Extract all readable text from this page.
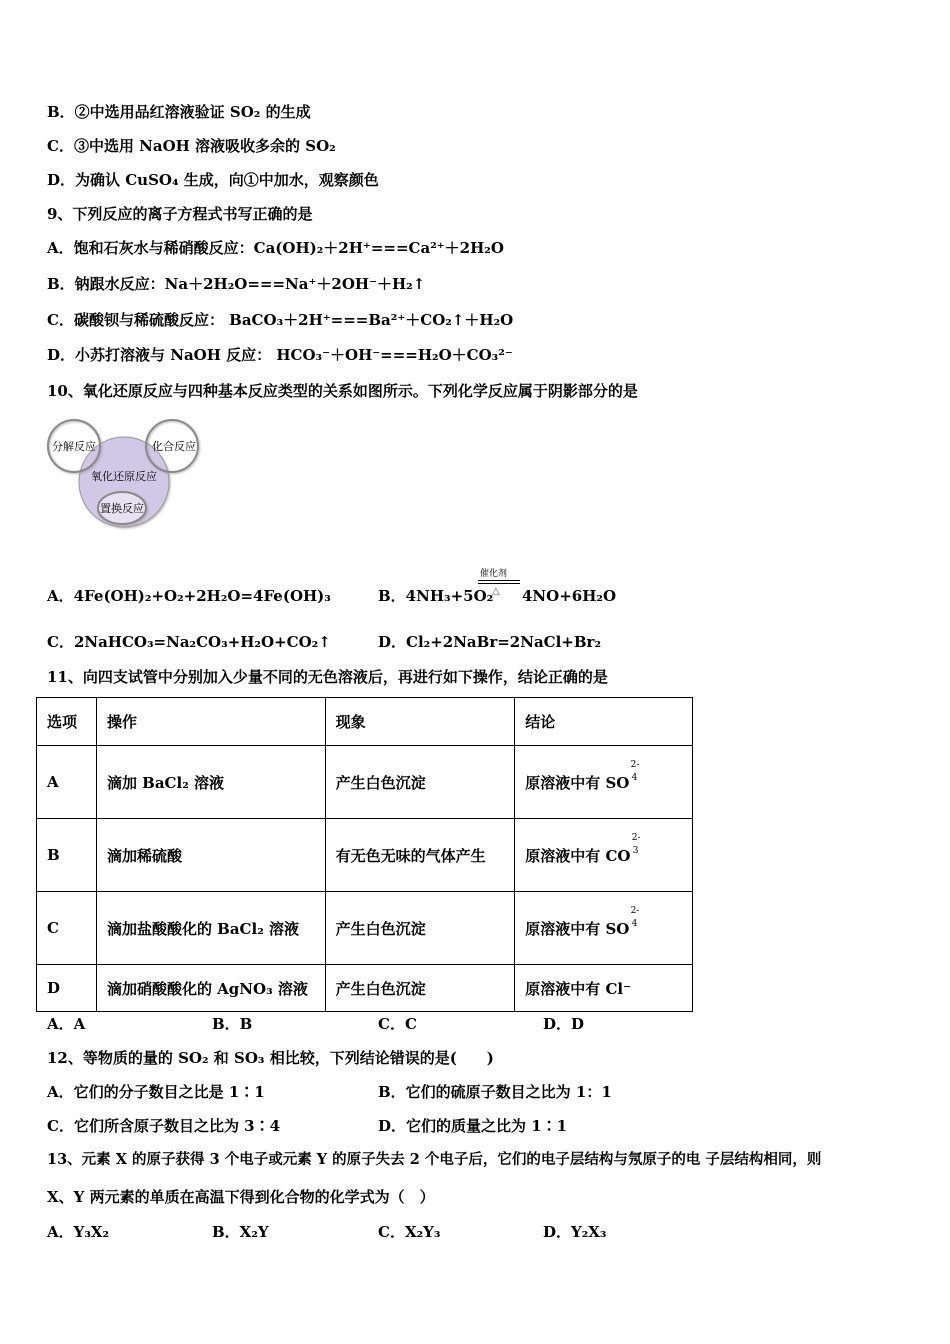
B．②中选用品红溶液验证 SO₂ 的生成
C．③中选用 NaOH 溶液吸收多余的 SO₂
D．为确认 CuSO₄ 生成，向①中加水，观察颜色
9、下列反应的离子方程式书写正确的是
A．饱和石灰水与稀硝酸反应：Ca(OH)₂＋2H⁺===Ca²⁺＋2H₂O
B．钠跟水反应：Na＋2H₂O===Na⁺＋2OH⁻＋H₂↑
C．碳酸钡与稀硫酸反应： BaCO₃＋2H⁺===Ba²⁺＋CO₂↑＋H₂O
D．小苏打溶液与 NaOH 反应： HCO₃⁻＋OH⁻===H₂O＋CO₃²⁻
10、氧化还原反应与四种基本反应类型的关系如图所示。下列化学反应属于阴影部分的是
分解反应	化合反应
氧化还原反应
置换反应
A．4Fe(OH)₂+O₂+2H₂O=4Fe(OH)₃	B．4NH₃+5O₂
催化剂
△ 4NO+6H₂O
C．2NaHCO₃=Na₂CO₃+H₂O+CO₂↑	D．Cl₂+2NaBr=2NaCl+Br₂
11、向四支试管中分别加入少量不同的无色溶液后，再进行如下操作，结论正确的是
选项	操作	现象	结论
A	滴加 BaCl₂ 溶液	产生白色沉淀	原溶液中有 SO
2-
4

B	滴加稀硫酸	有无色无味的气体产生	原溶液中有 CO
2-
3

C	滴加盐酸酸化的 BaCl₂ 溶液	产生白色沉淀	原溶液中有 SO
2-
4

D	滴加硝酸酸化的 AgNO₃ 溶液	产生白色沉淀	原溶液中有 Cl⁻
A．A	B．B	C．C	D．D
12、等物质的量的 SO₂ 和 SO₃ 相比较，下列结论错误的是(　　)
A．它们的分子数目之比是 1∶1	B．它们的硫原子数目之比为 1：1
C．它们所含原子数目之比为 3∶4	D．它们的质量之比为 1∶1
13、元素 X 的原子获得 3 个电子或元素 Y 的原子失去 2 个电子后，它们的电子层结构与氖原子的电 子层结构相同，则
X、Y 两元素的单质在高温下得到化合物的化学式为（　）
A．Y₃X₂	B．X₂Y	C．X₂Y₃	D．Y₂X₃
